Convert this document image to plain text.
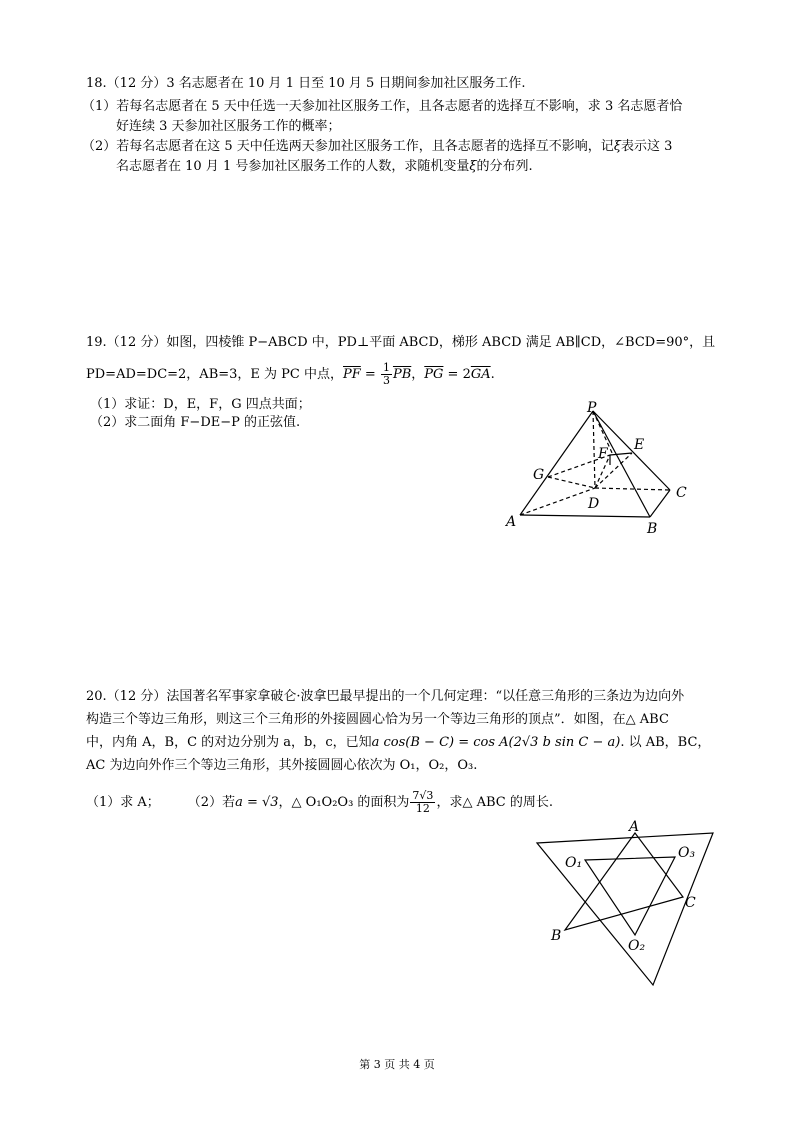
18.（12 分）3 名志愿者在 10 月 1 日至 10 月 5 日期间参加社区服务工作.
（1）若每名志愿者在 5 天中任选一天参加社区服务工作，且各志愿者的选择互不影响，求 3 名志愿者恰
好连续 3 天参加社区服务工作的概率；
（2）若每名志愿者在这 5 天中任选两天参加社区服务工作，且各志愿者的选择互不影响，记ξ表示这 3
名志愿者在 10 月 1 号参加社区服务工作的人数，求随机变量ξ的分布列.
19.（12 分）如图，四棱锥 P−ABCD 中，PD⊥平面 ABCD，梯形 ABCD 满足 AB∥CD，∠BCD=90°，且
PD=AD=DC=2，AB=3，E 为 PC 中点，$\overline{PF} = \frac{1}{3} \overline{PB}$，$\overline{PG} = 2\overline{GA}$.
（1）求证：D，E，F，G 四点共面；
（2）求二面角 F−DE−P 的正弦值.
P
E
F
G
D
C
A	B
20.（12 分）法国著名军事家拿破仑·波拿巴最早提出的一个几何定理：“以任意三角形的三条边为边向外
构造三个等边三角形，则这三个三角形的外接圆圆心恰为另一个等边三角形的顶点”．如图，在△ ABC
中，内角 A，B，C 的对边分别为 a，b，c，已知a cos(B − C) = cos A(2√3 b sin C − a). 以 AB，BC，
AC 为边向外作三个等边三角形，其外接圆圆心依次为 O₁，O₂，O₃.
（1）求 A； （2）若a = √3，△ O₁O₂O₃ 的面积为 $\frac{7√3}{12}$ ，求△ ABC 的周长.
A
O₁
O₃
C
B
O₂
第 3 页 共 4 页
